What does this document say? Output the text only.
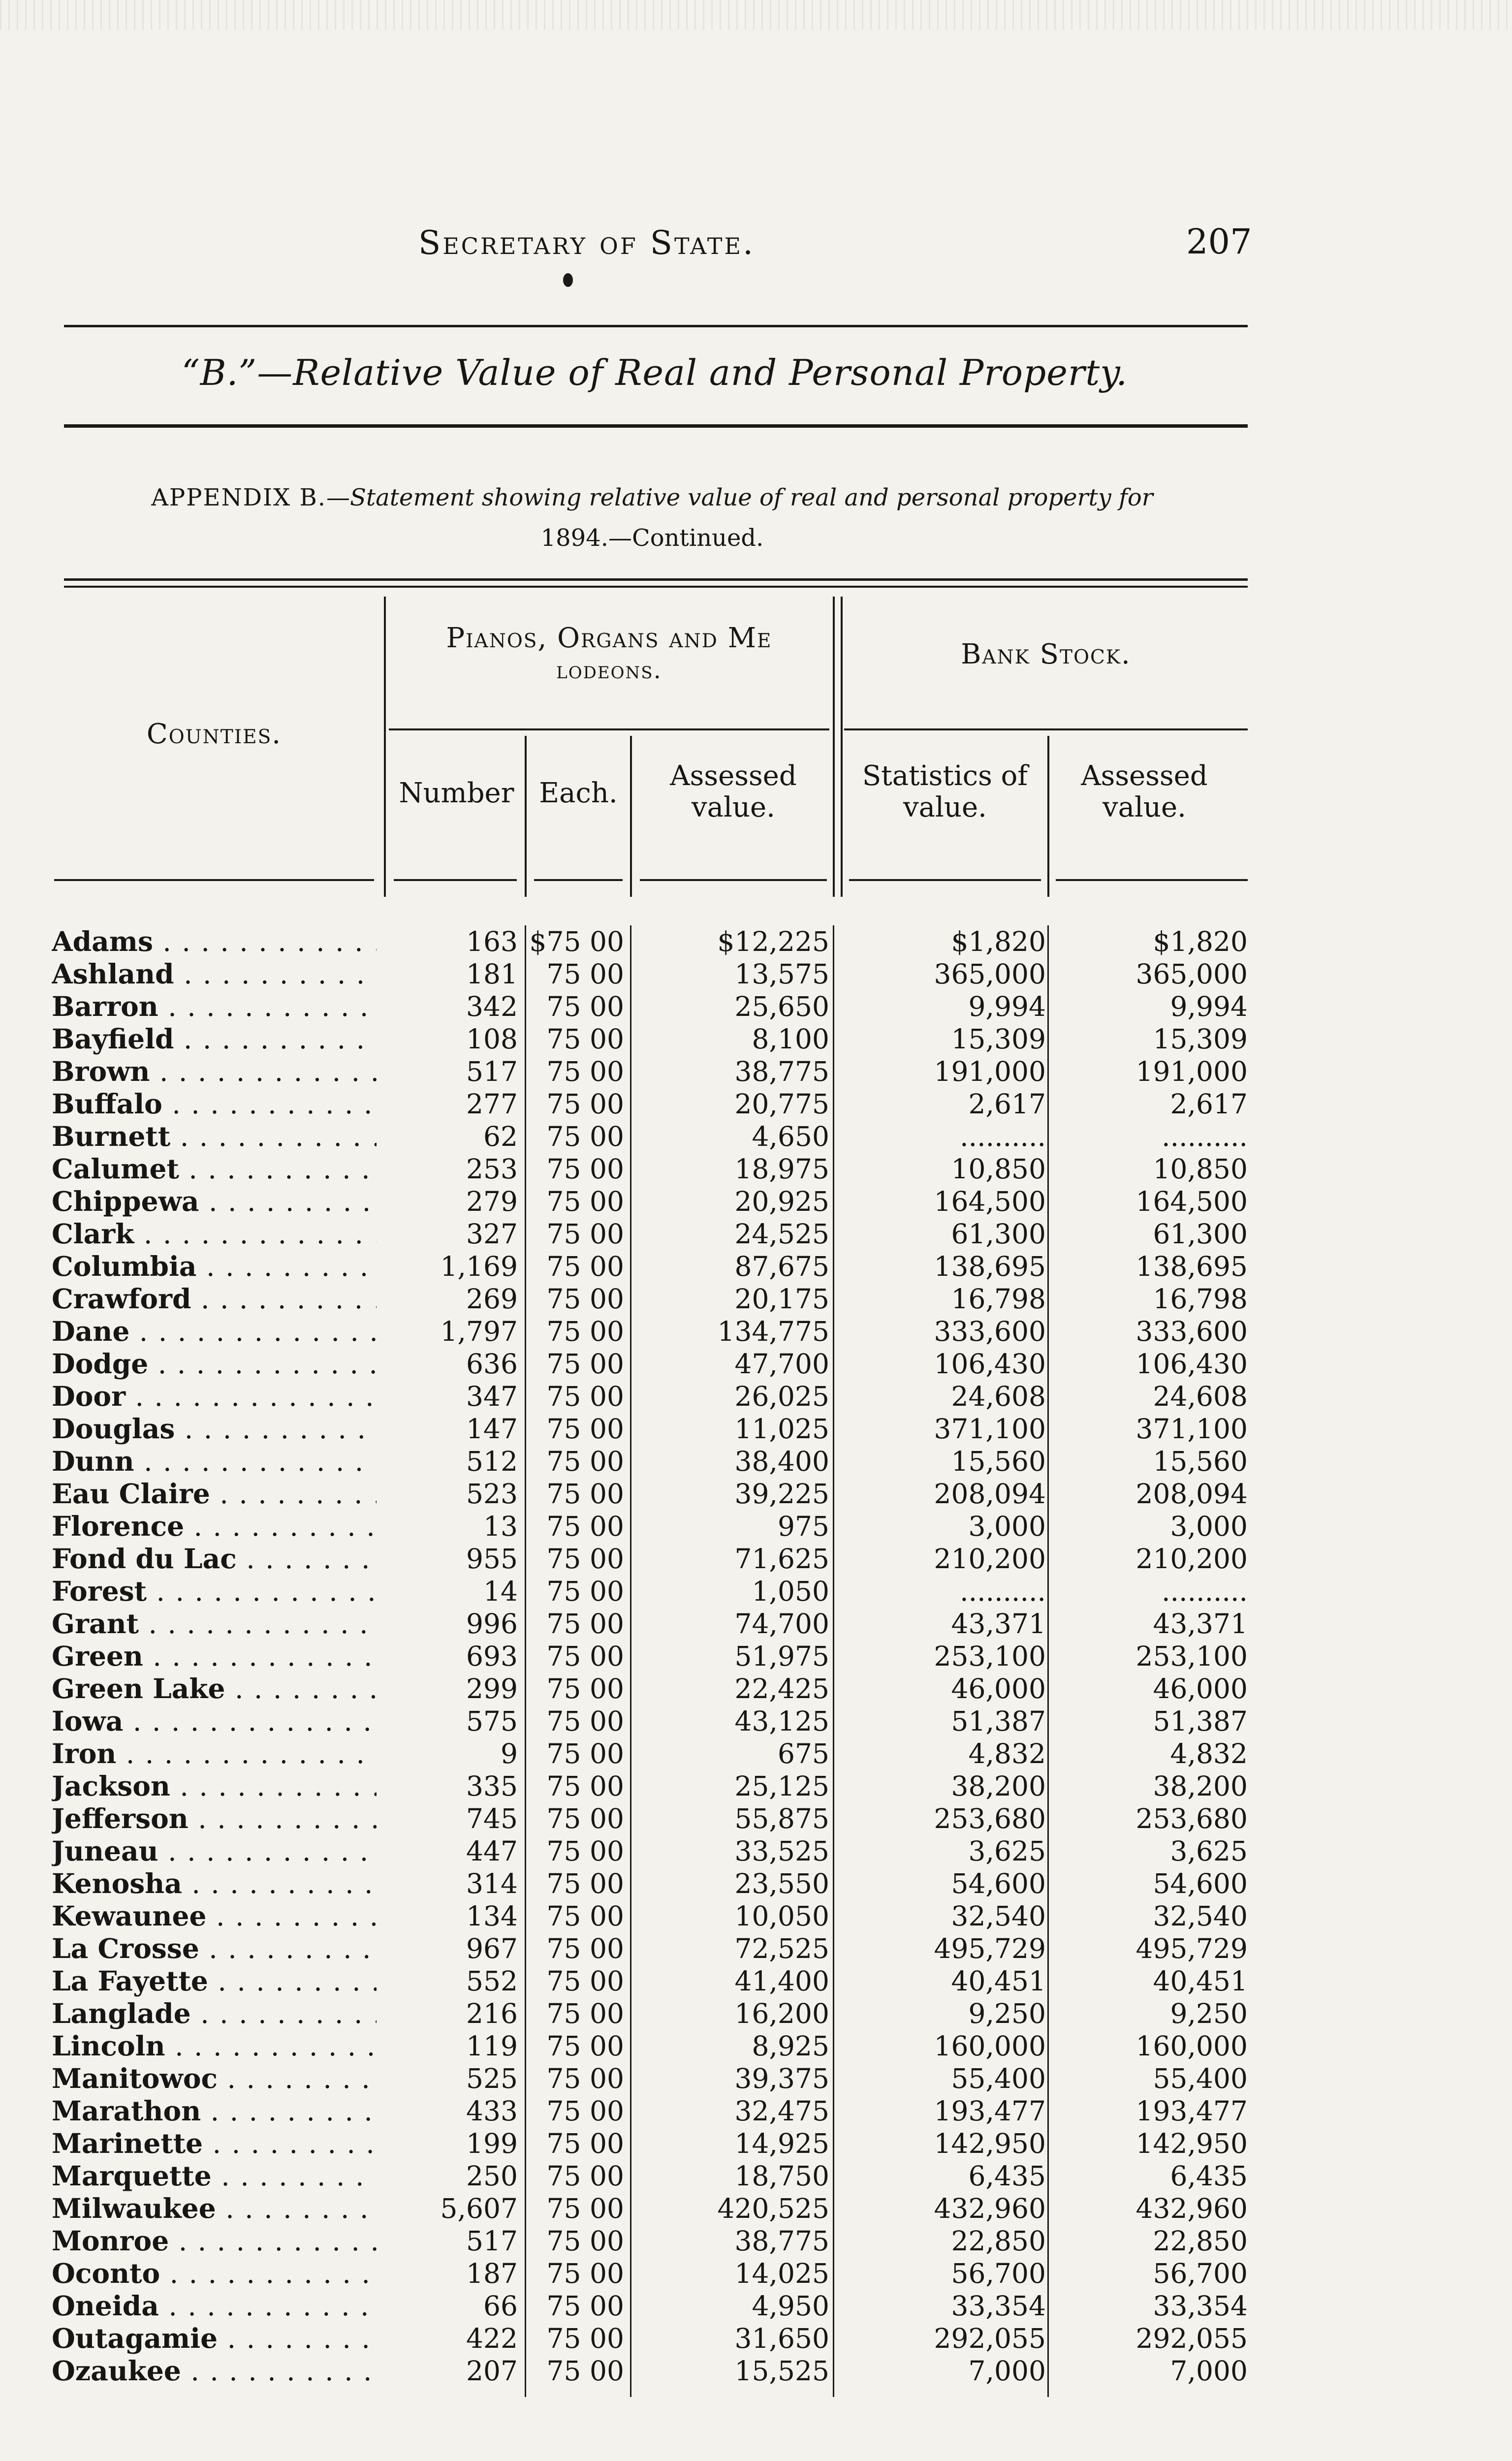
Secretary of State.	207
“B.”—Relative Value of Real and Personal Property.
APPENDIX B.—Statement showing relative value of real and personal property for
1894.—Continued.
Counties.
Pianos, Organs and Me
lodeons.	Bank Stock.
Number Each.
Assessed value.
Statistics of value.
Assessed value.
Adams . . .	163 $75 00	$12,225	$1,820	$1,820
Ashland . . .	181	75 00	13,575	365,000	365,000
Barron . . .	342	75 00	25,650	9,994	9,994
Bayfield . . .	108	75 00	8,100	15,309	15,309
Brown . . .	517	75 00	38,775	191,000	191,000
Buffalo . . .	277	75 00	20,775	2,617	2,617
Burnett . . .	62	75 00	4,650	..........	..........
Calumet . . .	253	75 00	18,975	10,850	10,850
Chippewa . . .	279	75 00	20,925	164,500	164,500
Clark . . .	327	75 00	24,525	61,300	61,300
Columbia . . .	1,169	75 00	87,675	138,695	138,695
Crawford . . .	269	75 00	20,175	16,798	16,798
Dane . . .	1,797	75 00	134,775	333,600	333,600
Dodge . . .	636	75 00	47,700	106,430	106,430
Door . . .	347	75 00	26,025	24,608	24,608
Douglas . . .	147	75 00	11,025	371,100	371,100
Dunn . . .	512	75 00	38,400	15,560	15,560
Eau Claire . . .	523	75 00	39,225	208,094	208,094
Florence . . .	13	75 00	975	3,000	3,000
Fond du Lac . . .	955	75 00	71,625	210,200	210,200
Forest . . .	14	75 00	1,050	..........	..........
Grant . . .	996	75 00	74,700	43,371	43,371
Green . . .	693	75 00	51,975	253,100	253,100
Green Lake . . .	299	75 00	22,425	46,000	46,000
Iowa . . .	575	75 00	43,125	51,387	51,387
Iron . . .	9	75 00	675	4,832	4,832
Jackson . . .	335	75 00	25,125	38,200	38,200
Jefferson . . .	745	75 00	55,875	253,680	253,680
Juneau . . .	447	75 00	33,525	3,625	3,625
Kenosha . . .	314	75 00	23,550	54,600	54,600
Kewaunee . . .	134	75 00	10,050	32,540	32,540
La Crosse . . .	967	75 00	72,525	495,729	495,729
La Fayette . . .	552	75 00	41,400	40,451	40,451
Langlade . . .	216	75 00	16,200	9,250	9,250
Lincoln . . .	119	75 00	8,925	160,000	160,000
Manitowoc . . .	525	75 00	39,375	55,400	55,400
Marathon . . .	433	75 00	32,475	193,477	193,477
Marinette . . .	199	75 00	14,925	142,950	142,950
Marquette . . .	250	75 00	18,750	6,435	6,435
Milwaukee . . .	5,607	75 00	420,525	432,960	432,960
Monroe . . .	517	75 00	38,775	22,850	22,850
Oconto . . .	187	75 00	14,025	56,700	56,700
Oneida . . .	66	75 00	4,950	33,354	33,354
Outagamie . . .	422	75 00	31,650	292,055	292,055
Ozaukee . . .	207	75 00	15,525	7,000	7,000
